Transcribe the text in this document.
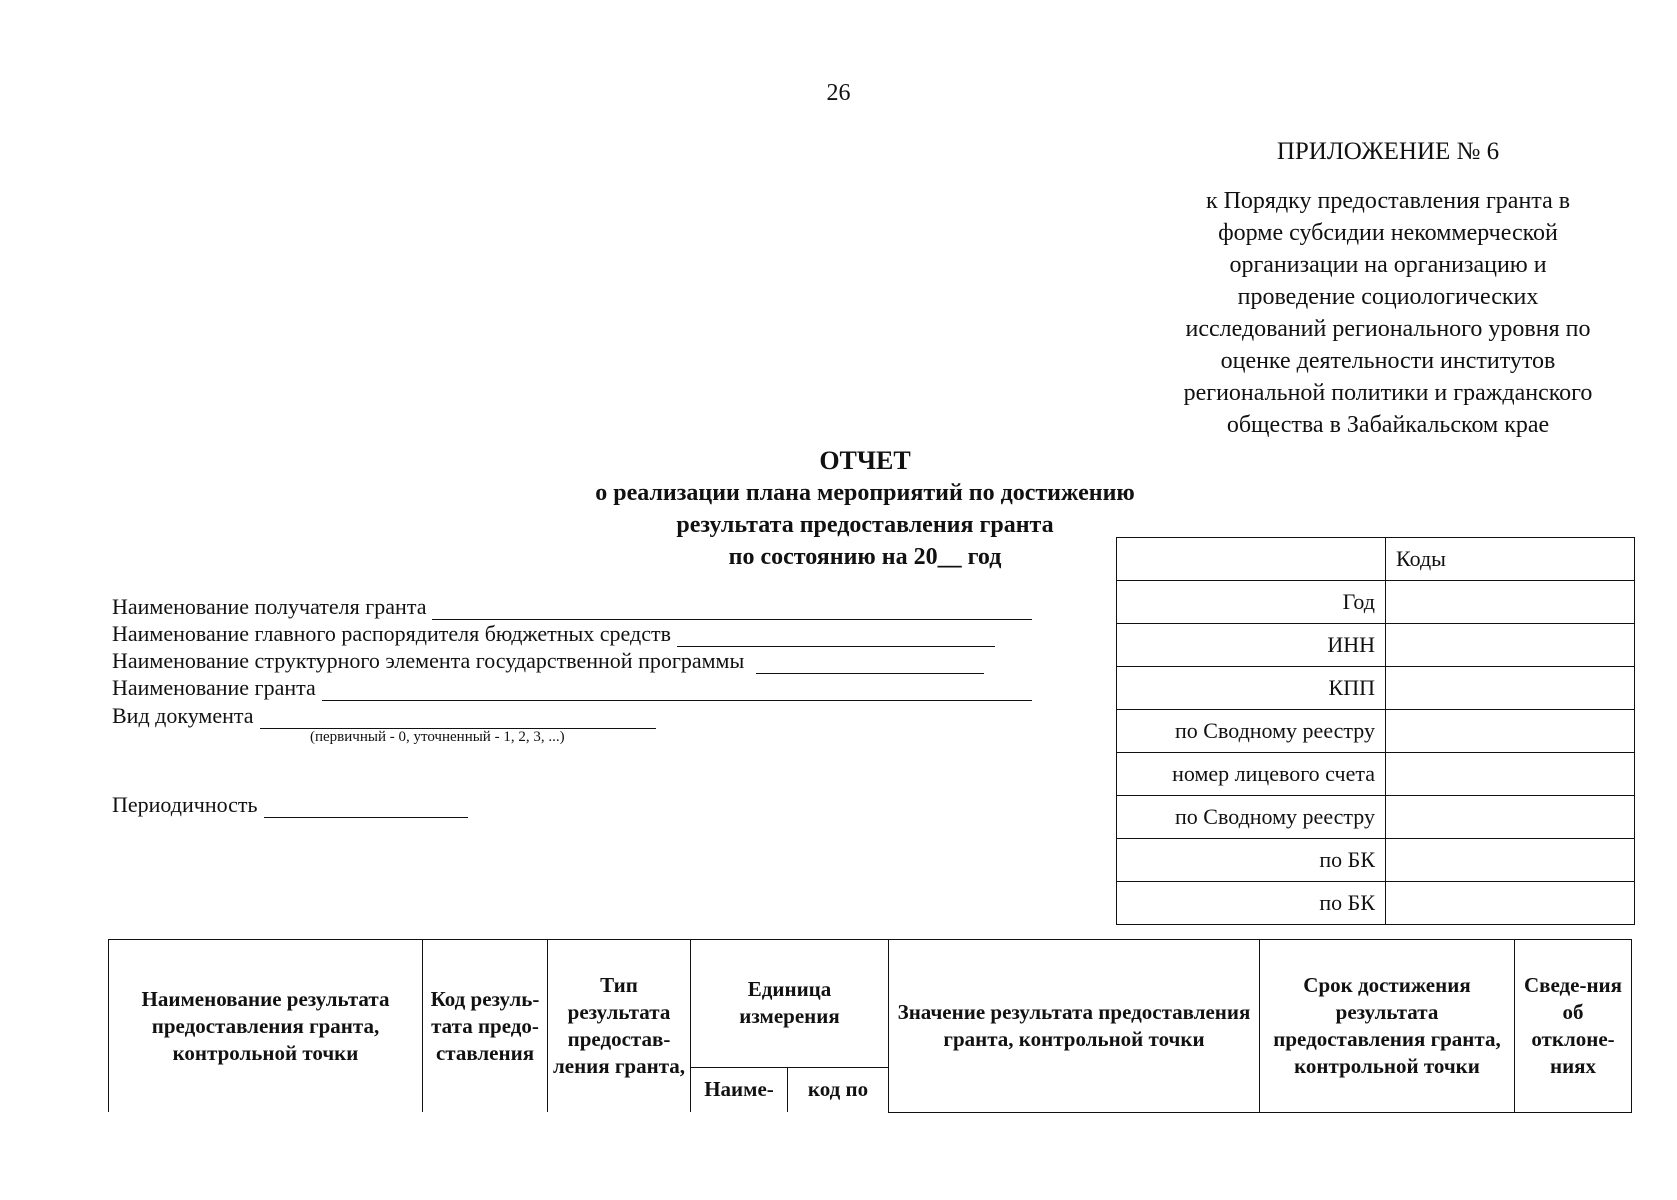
26
ПРИЛОЖЕНИЕ № 6
к Порядку предоставления гранта в
форме субсидии некоммерческой
организации на организацию и
проведение социологических
исследований регионального уровня по
оценке деятельности институтов
региональной политики и гражданского
общества в Забайкальском крае
ОТЧЕТ
о реализации плана мероприятий по достижению
результата предоставления гранта
по состоянию на 20__ год
Наименование получателя гранта
Наименование главного распорядителя бюджетных средств
Наименование структурного элемента государственной программы
Наименование гранта
Вид документа
(первичный - 0, уточненный - 1, 2, 3, ...)
Периодичность
	Коды
Год	
ИНН	
КПП	
по Сводному реестру	
номер лицевого счета	
по Сводному реестру	
по БК	
по БК	
Наименование результата предоставления гранта, контрольной точки	Код резуль-тата предо-ставления	Тип результата предостав-ления гранта,	Единица измерения		Значение результата предоставления гранта, контрольной точки	Срок достижения результата предоставления гранта, контрольной точки	Сведе-ния об отклоне-ниях
			Наиме-	код по			
